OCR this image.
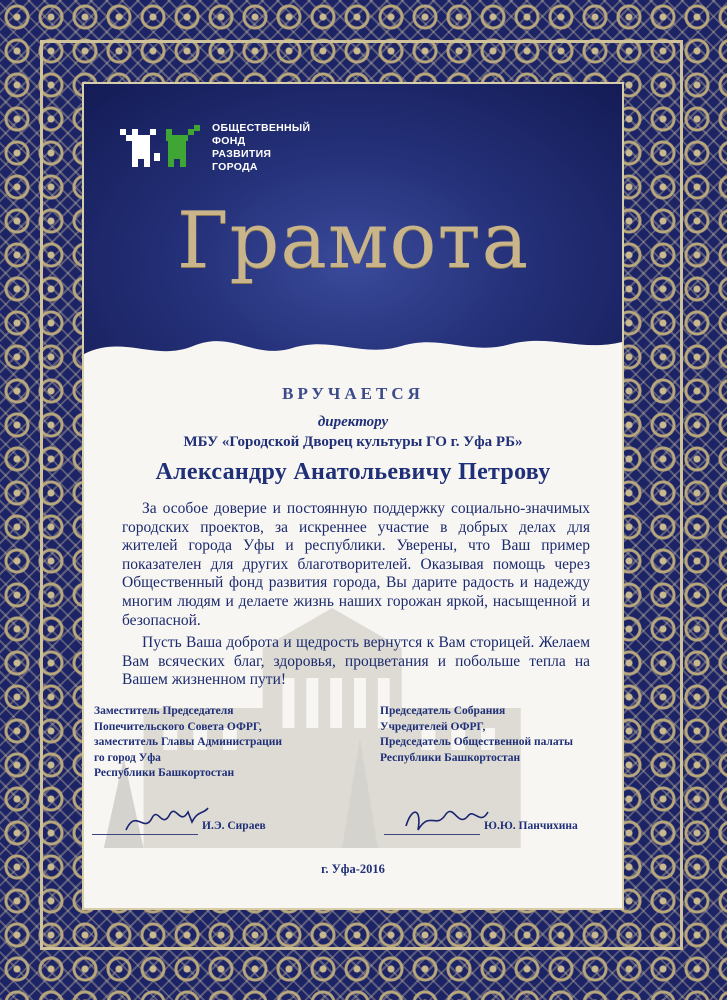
ОБЩЕСТВЕННЫЙ
ФОНД
РАЗВИТИЯ
ГОРОДА
Грамота
ВРУЧАЕТСЯ
директору
МБУ «Городской Дворец культуры ГО г. Уфа РБ»
Александру Анатольевичу Петрову

За особое доверие и постоянную поддержку социально-значимых городских проектов, за искреннее участие в добрых делах для жителей города Уфы и республики. Уверены, что Ваш пример показателен для других благотворителей. Оказывая помощь через Общественный фонд развития города, Вы дарите радость и надежду многим людям и делаете жизнь наших горожан яркой, насыщенной и безопасной.

Пусть Ваша доброта и щедрость вернутся к Вам сторицей. Желаем Вам всяческих благ, здоровья, процветания и побольше тепла на Вашем жизненном пути!

Заместитель Председателя
Попечительского Совета ОФРГ,
заместитель Главы Администрации
го город Уфа
Республики Башкортостан
Председатель Собрания
Учредителей ОФРГ,
Председатель Общественной палаты
Республики Башкортостан
И.Э. Сираев	Ю.Ю. Панчихина
г. Уфа-2016
